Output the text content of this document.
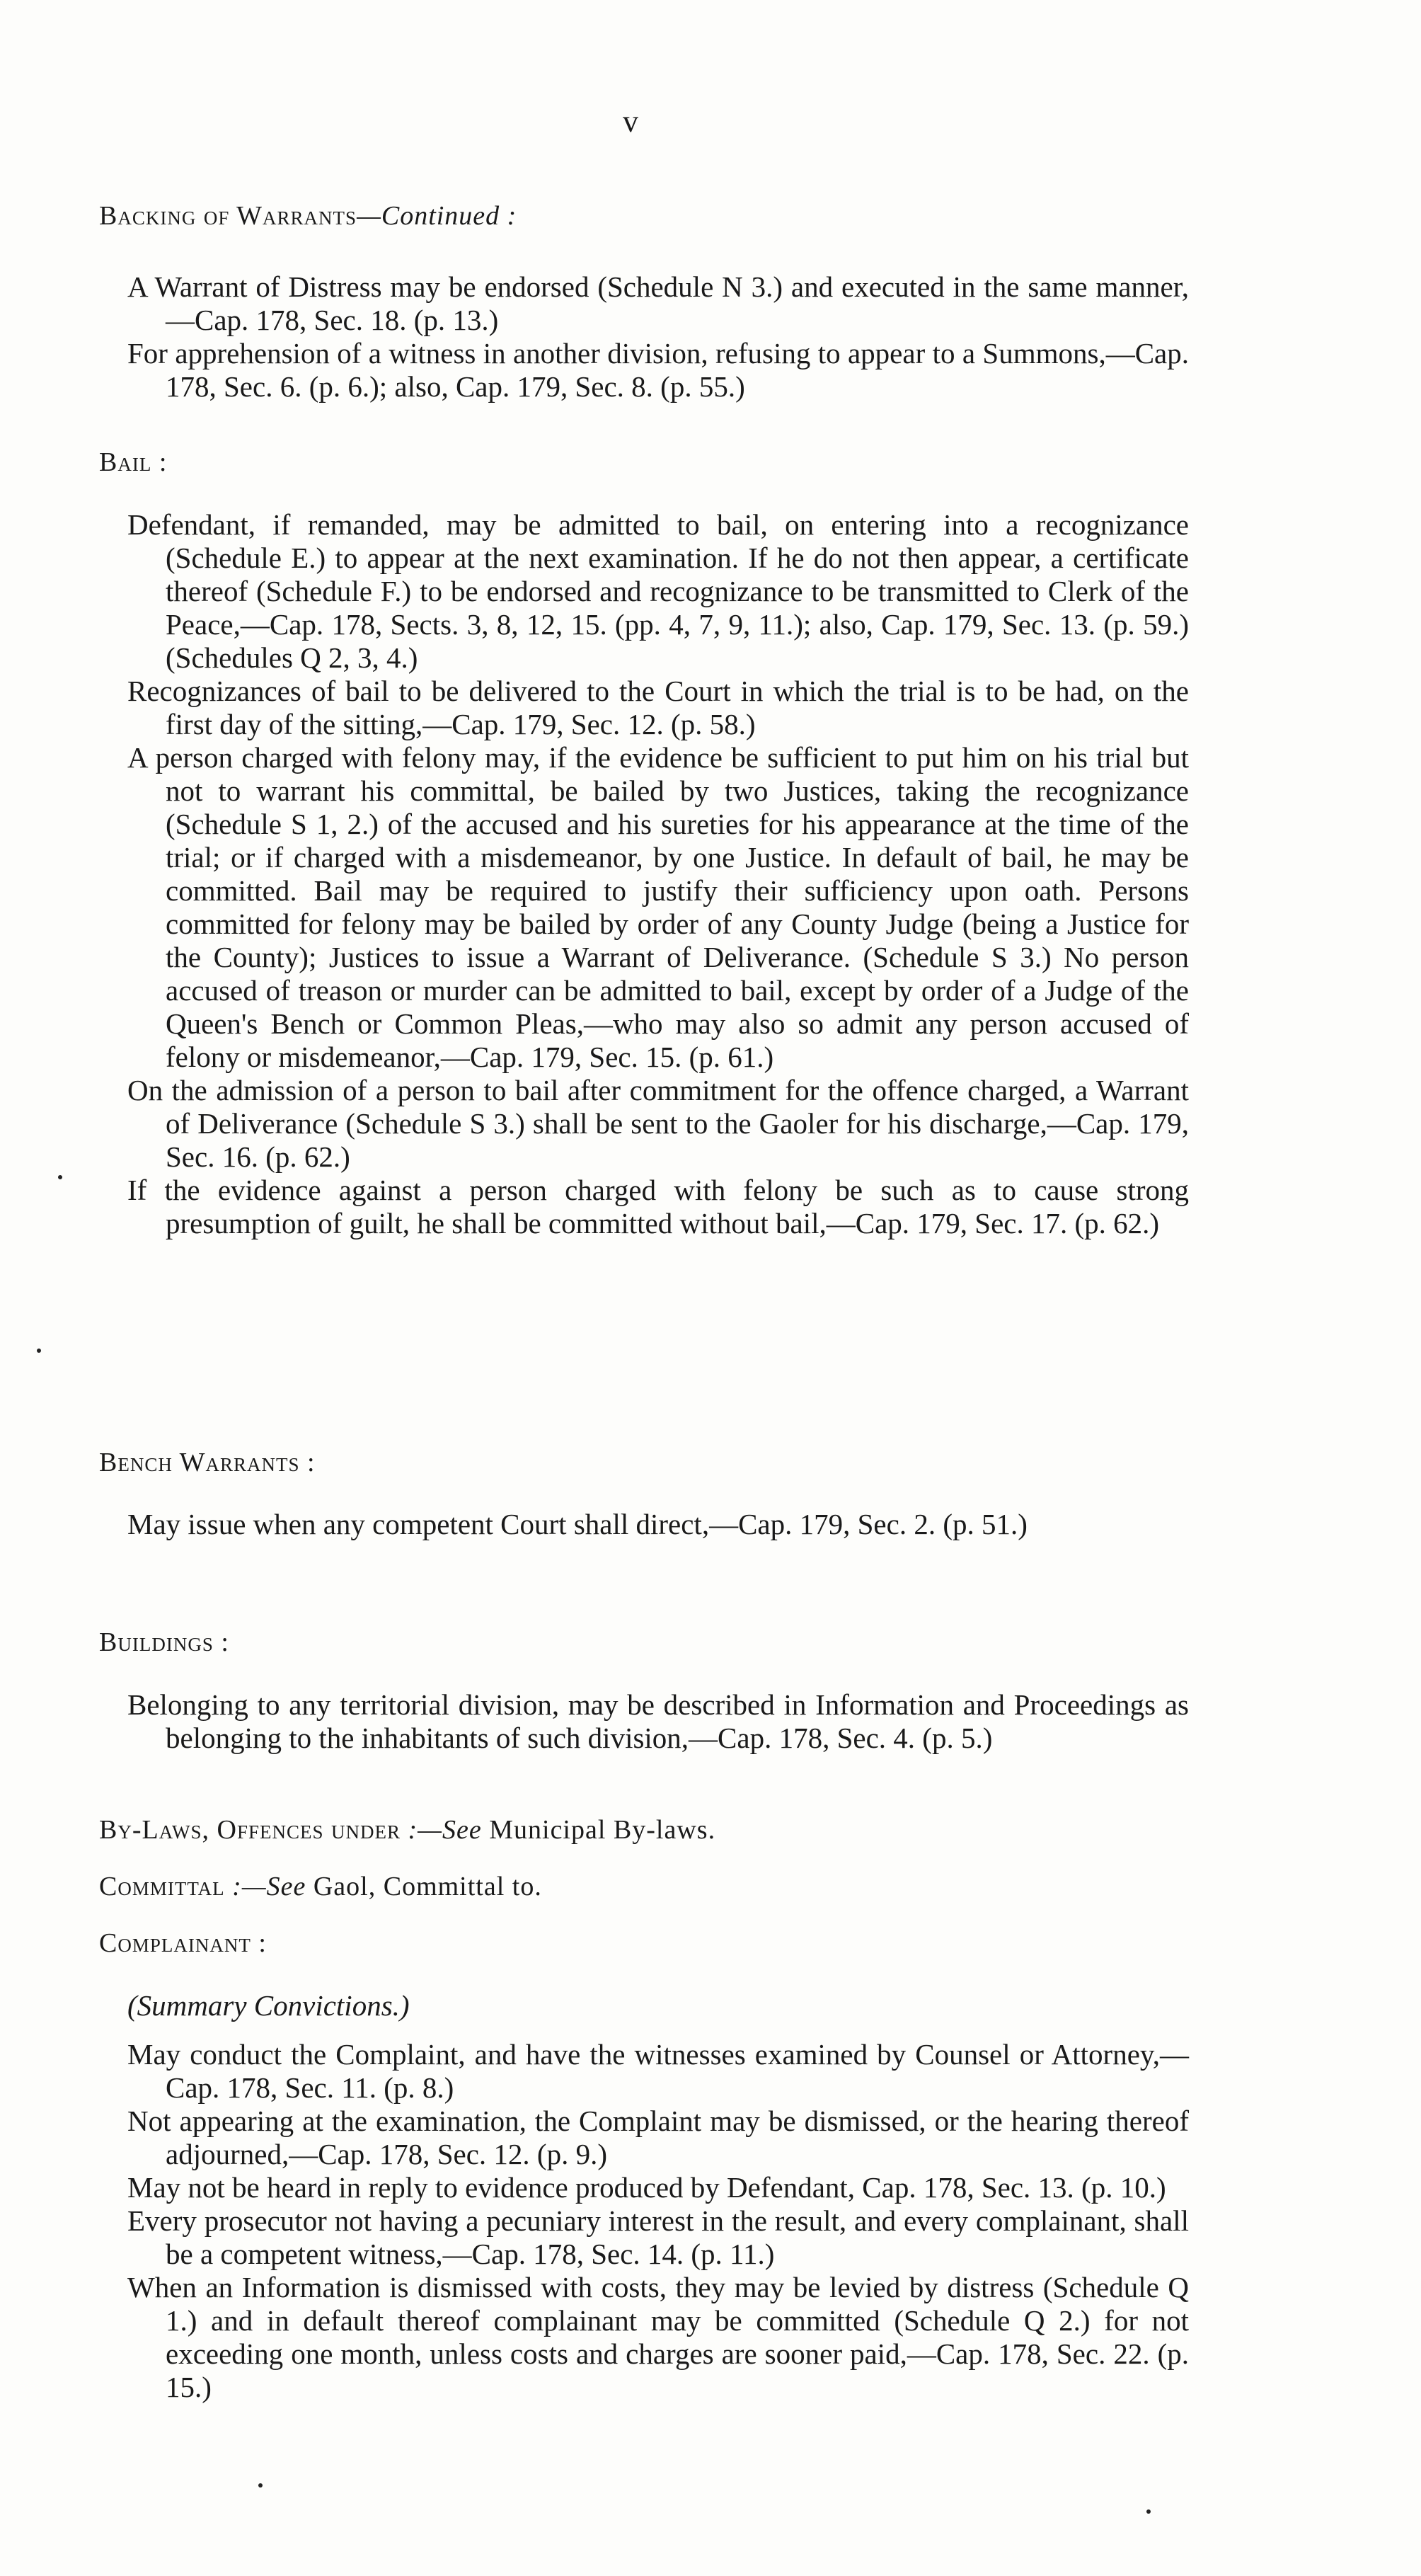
v
Backing of Warrants—Continued :
A Warrant of Distress may be endorsed (Schedule N 3.) and executed in the same manner,—Cap. 178, Sec. 18. (p. 13.)
For apprehension of a witness in another division, refusing to appear to a Summons,—Cap. 178, Sec. 6. (p. 6.); also, Cap. 179, Sec. 8. (p. 55.)
Bail :
Defendant, if remanded, may be admitted to bail, on entering into a recognizance (Schedule E.) to appear at the next examination. If he do not then appear, a certificate thereof (Schedule F.) to be endorsed and recognizance to be transmitted to Clerk of the Peace,—Cap. 178, Sects. 3, 8, 12, 15. (pp. 4, 7, 9, 11.); also, Cap. 179, Sec. 13. (p. 59.) (Schedules Q 2, 3, 4.)
Recognizances of bail to be delivered to the Court in which the trial is to be had, on the first day of the sitting,—Cap. 179, Sec. 12. (p. 58.)
A person charged with felony may, if the evidence be sufficient to put him on his trial but not to warrant his committal, be bailed by two Justices, taking the recognizance (Schedule S 1, 2.) of the accused and his sureties for his appearance at the time of the trial; or if charged with a misdemeanor, by one Justice. In default of bail, he may be committed. Bail may be required to justify their sufficiency upon oath. Persons committed for felony may be bailed by order of any County Judge (being a Justice for the County); Justices to issue a Warrant of Deliverance. (Schedule S 3.) No person accused of treason or murder can be admitted to bail, except by order of a Judge of the Queen's Bench or Common Pleas,—who may also so admit any person accused of felony or misdemeanor,—Cap. 179, Sec. 15. (p. 61.)
On the admission of a person to bail after commitment for the offence charged, a Warrant of Deliverance (Schedule S 3.) shall be sent to the Gaoler for his discharge,—Cap. 179, Sec. 16. (p. 62.)
If the evidence against a person charged with felony be such as to cause strong presumption of guilt, he shall be committed without bail,—Cap. 179, Sec. 17. (p. 62.)
Bench Warrants :
May issue when any competent Court shall direct,—Cap. 179, Sec. 2. (p. 51.)
Buildings :
Belonging to any territorial division, may be described in Information and Proceedings as belonging to the inhabitants of such division,—Cap. 178, Sec. 4. (p. 5.)
By-Laws, Offences under :—See Municipal By-laws.
Committal :—See Gaol, Committal to.
Complainant :
(Summary Convictions.)
May conduct the Complaint, and have the witnesses examined by Counsel or Attorney,—Cap. 178, Sec. 11. (p. 8.)
Not appearing at the examination, the Complaint may be dismissed, or the hearing thereof adjourned,—Cap. 178, Sec. 12. (p. 9.)
May not be heard in reply to evidence produced by Defendant, Cap. 178, Sec. 13. (p. 10.)
Every prosecutor not having a pecuniary interest in the result, and every complainant, shall be a competent witness,—Cap. 178, Sec. 14. (p. 11.)
When an Information is dismissed with costs, they may be levied by distress (Schedule Q 1.) and in default thereof complainant may be committed (Schedule Q 2.) for not exceeding one month, unless costs and charges are sooner paid,—Cap. 178, Sec. 22. (p. 15.)
